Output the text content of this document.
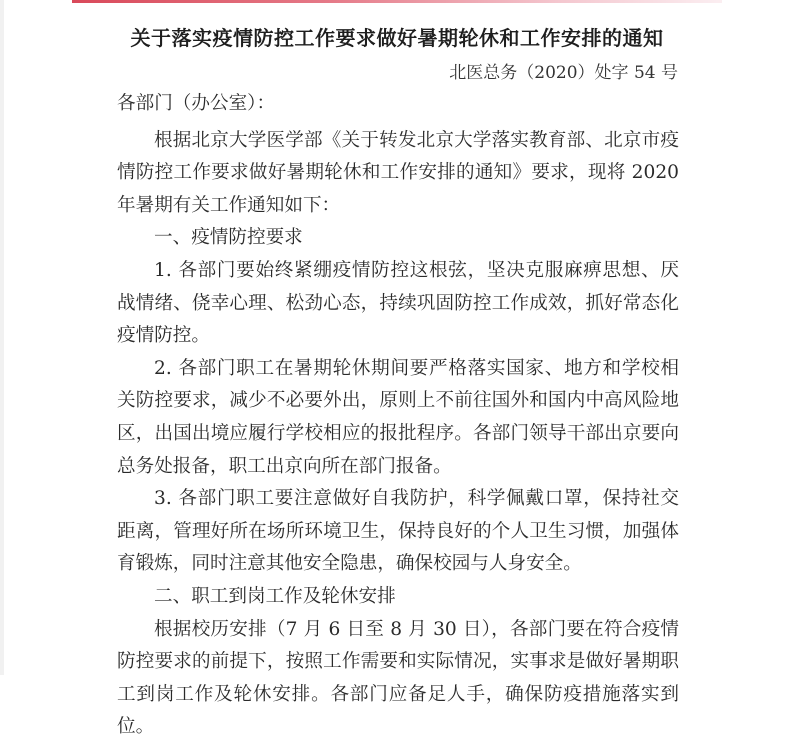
关于落实疫情防控工作要求做好暑期轮休和工作安排的通知
北医总务（2020）处字 54 号

各部门（办公室）：

根据北京大学医学部《关于转发北京大学落实教育部、北京市疫情防控工作要求做好暑期轮休和工作安排的通知》要求，现将 2020 年暑期有关工作通知如下：

一、疫情防控要求

1. 各部门要始终紧绷疫情防控这根弦，坚决克服麻痹思想、厌战情绪、侥幸心理、松劲心态，持续巩固防控工作成效，抓好常态化疫情防控。

2. 各部门职工在暑期轮休期间要严格落实国家、地方和学校相关防控要求，减少不必要外出，原则上不前往国外和国内中高风险地区，出国出境应履行学校相应的报批程序。各部门领导干部出京要向总务处报备，职工出京向所在部门报备。

3. 各部门职工要注意做好自我防护，科学佩戴口罩，保持社交距离，管理好所在场所环境卫生，保持良好的个人卫生习惯，加强体育锻炼，同时注意其他安全隐患，确保校园与人身安全。

二、职工到岗工作及轮休安排

根据校历安排（7 月 6 日至 8 月 30 日），各部门要在符合疫情防控要求的前提下，按照工作需要和实际情况，实事求是做好暑期职工到岗工作及轮休安排。各部门应备足人手，确保防疫措施落实到位。
